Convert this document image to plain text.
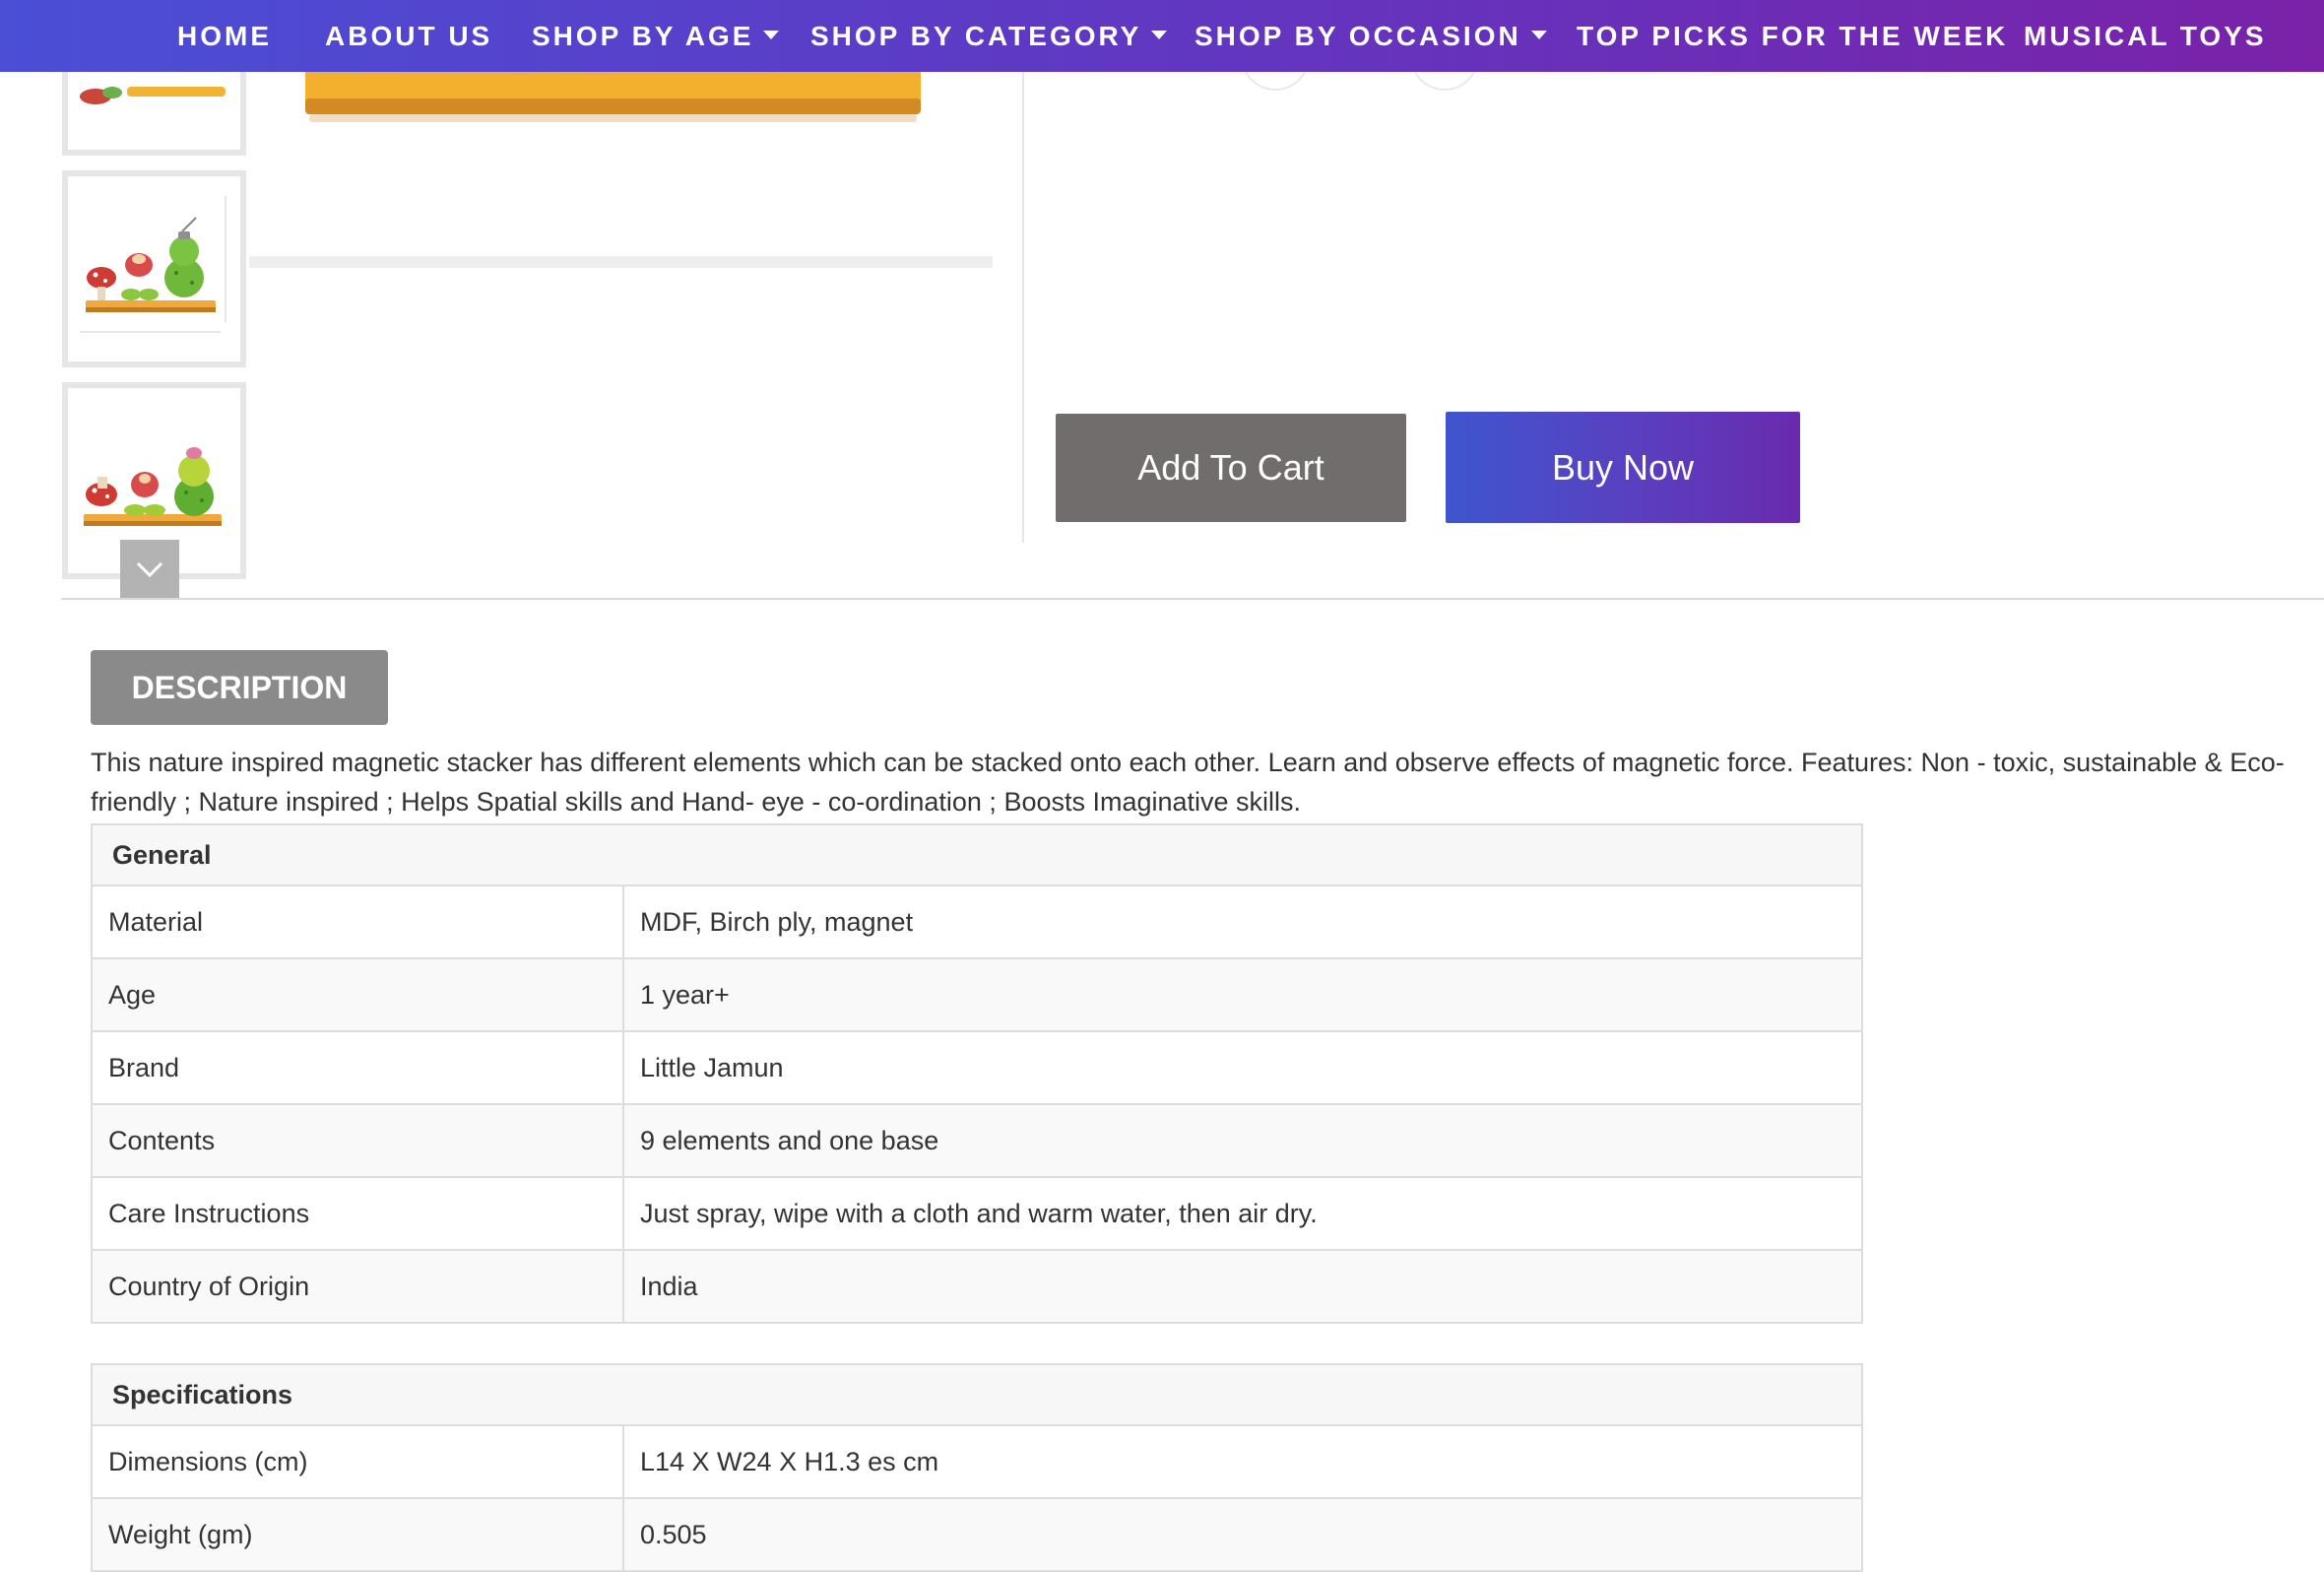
HOME ABOUT US SHOP BY AGE	SHOP BY CATEGORY	SHOP BY OCCASION	TOP PICKS FOR THE WEEK MUSICAL TOYS
Add To Cart	Buy Now
DESCRIPTION

This nature inspired magnetic stacker has different elements which can be stacked onto each other. Learn and observe effects of magnetic force. Features: Non - toxic, sustainable & Eco-friendly ; Nature inspired ; Helps Spatial skills and Hand- eye - co-ordination ; Boosts Imaginative skills.

General	
Material	MDF, Birch ply, magnet
Age	1 year+
Brand	Little Jamun
Contents	9 elements and one base
Care Instructions	Just spray, wipe with a cloth and warm water, then air dry.
Country of Origin	India
Specifications	
Dimensions (cm)	L14 X W24 X H1.3 es cm
Weight (gm)	0.505
